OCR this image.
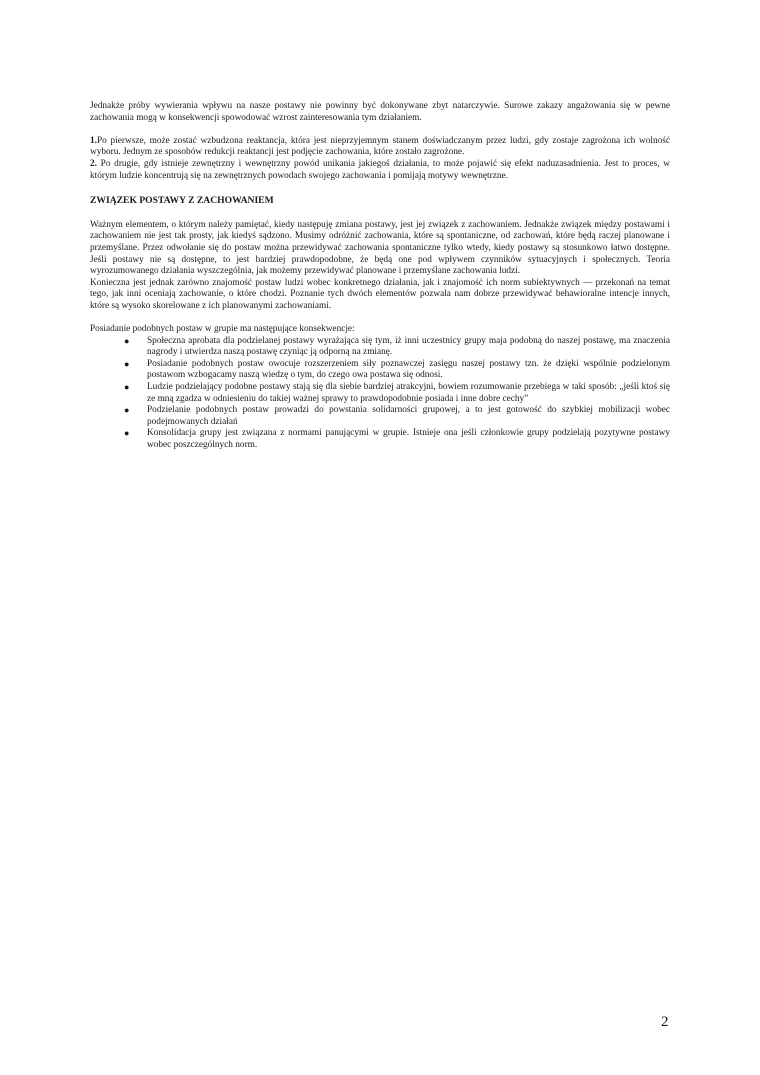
Jednakże próby wywierania wpływu na nasze postawy nie powinny być dokonywane zbyt natarczywie. Surowe zakazy angażowania się w pewne zachowania mogą w konsekwencji spowodować wzrost zainteresowania tym działaniem.

1.Po pierwsze, może zostać wzbudzona reaktancja, która jest nieprzyjemnym stanem doświadczanym przez ludzi, gdy zostaje zagrożona ich wolność wyboru. Jednym ze sposobów redukcji reaktancji jest podjęcie zachowania, które zostało zagrożone.

2. Po drugie, gdy istnieje zewnętrzny i wewnętrzny powód unikania jakiegoś działania, to może pojawić się efekt naduzasadnienia. Jest to proces, w którym ludzie koncentrują się na zewnętrznych powodach swojego zachowania i pomijają motywy wewnętrzne.

ZWIĄZEK POSTAWY Z ZACHOWANIEM

Ważnym elementem, o którym należy pamiętać, kiedy następuję zmiana postawy, jest jej związek z zachowaniem. Jednakże związek między postawami i zachowaniem nie jest tak prosty, jak kiedyś sądzono. Musimy odróżnić zachowania, które są spontaniczne, od zachowań, które będą raczej planowane i przemyślane. Przez odwołanie się do postaw można przewidywać zachowania spontaniczne tylko wtedy, kiedy postawy są stosunkowo łatwo dostępne. Jeśli postawy nie są dostępne, to jest bardziej prawdopodobne, że będą one pod wpływem czynników sytuacyjnych i społecznych. Teoria wyrozumowanego działania wyszczególnia, jak możemy przewidywać planowane i przemyślane zachowania ludzi.

Konieczna jest jednak zarówno znajomość postaw ludzi wobec konkretnego działania, jak i znajomość ich norm subiektywnych — przekonań na temat tego, jak inni oceniają zachowanie, o które chodzi. Poznanie tych dwóch elementów pozwala nam dobrze przewidywać behawioralne intencje innych, które są wysoko skorelowane z ich planowanymi zachowaniami.

Posiadanie podobnych postaw w grupie ma następujące konsekwencje:

● Społeczna aprobata dla podzielanej postawy wyrażająca się tym, iż inni uczestnicy grupy maja podobną do naszej postawę, ma znaczenia nagrody i utwierdza naszą postawę czyniąc ją odporną na zmianę.
● Posiadanie podobnych postaw owocuje rozszerzeniem siły poznawczej zasięgu naszej postawy tzn. że dzięki wspólnie podzielonym postawom wzbogacamy naszą wiedzę o tym, do czego owa postawa się odnosi.
● Ludzie podzielający podobne postawy stają się dla siebie bardziej atrakcyjni, bowiem rozumowanie przebiega w taki sposób: „jeśli ktoś się ze mną zgadza w odniesieniu do takiej ważnej sprawy to prawdopodobnie posiada i inne dobre cechy”
● Podzielanie podobnych postaw prowadzi do powstania solidarności grupowej, a to jest gotowość do szybkiej mobilizacji wobec podejmowanych działań
● Konsolidacja grupy jest związana z normami panującymi w grupie. Istnieje ona jeśli członkowie grupy podzielają pozytywne postawy wobec poszczególnych norm.
2
